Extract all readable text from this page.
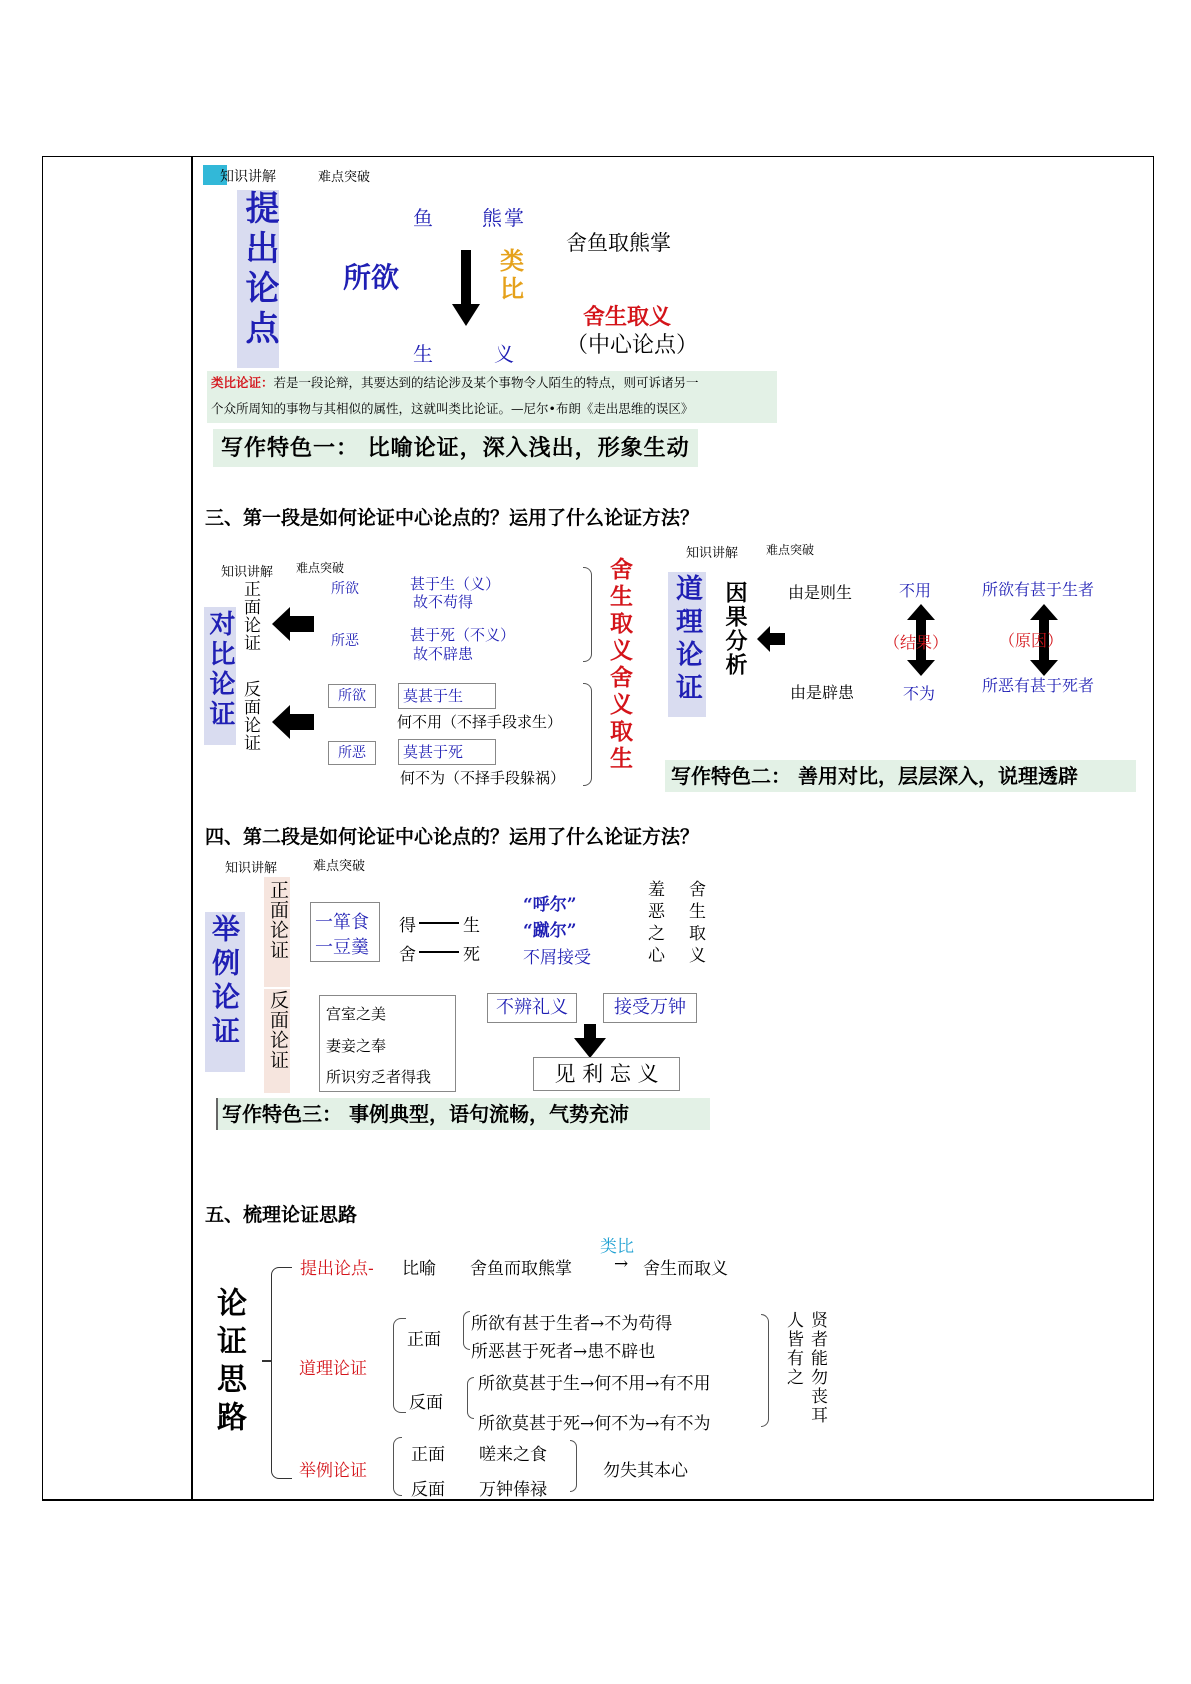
知识讲解	难点突破
提出论点	鱼 熊掌
所欲
类
比
生	义
舍鱼取熊掌
舍生取义
（中心论点）
类比论证：若是一段论辩，其要达到的结论涉及某个事物令人陌生的特点，则可诉诸另一
个众所周知的事物与其相似的属性，这就叫类比论证。—尼尔•布朗《走出思维的误区》
写作特色一： 比喻论证，深入浅出，形象生动
三、第一段是如何论证中心论点的？运用了什么论证方法？
知识讲解 难点突破
对比论证 正面论证
反面论证
所欲
所恶
甚于生（义）
故不苟得
甚于死（不义）
故不辟患
所欲
所恶
莫甚于生
何不用（不择手段求生）
莫甚于死
何不为（不择手段躲祸）
舍生取义舍义取生
知识讲解 难点突破
道理论证 因果分析	由是则生
由是辟患
不用
不为
（结果）	（原因）
所欲有甚于生者
所恶有甚于死者
写作特色二： 善用对比，层层深入，说理透辟
四、第二段是如何论证中心论点的？运用了什么论证方法？
知识讲解	难点突破
举例论证 正面论证
反面论证
一箪食
一豆羹
得	生
舍	死
“呼尔”
“蹴尔”
不屑接受	羞恶之心 舍生取义
宫室之美
妻妾之奉
所识穷乏者得我
不辨礼义	接受万钟
见 利 忘 义
写作特色三： 事例典型，语句流畅，气势充沛
五、梳理论证思路
类比
论证思路
提出论点- 比喻 舍鱼而取熊掌 → 舍生而取义
道理论证
正面
所欲有甚于生者→不为苟得
所恶甚于死者→患不辟也
反面
所欲莫甚于生→何不用→有不用
所欲莫甚于死→何不为→有不为
人皆有之 贤者能勿丧耳
举例论证
正面 嗟来之食
反面 万钟俸禄
勿失其本心
